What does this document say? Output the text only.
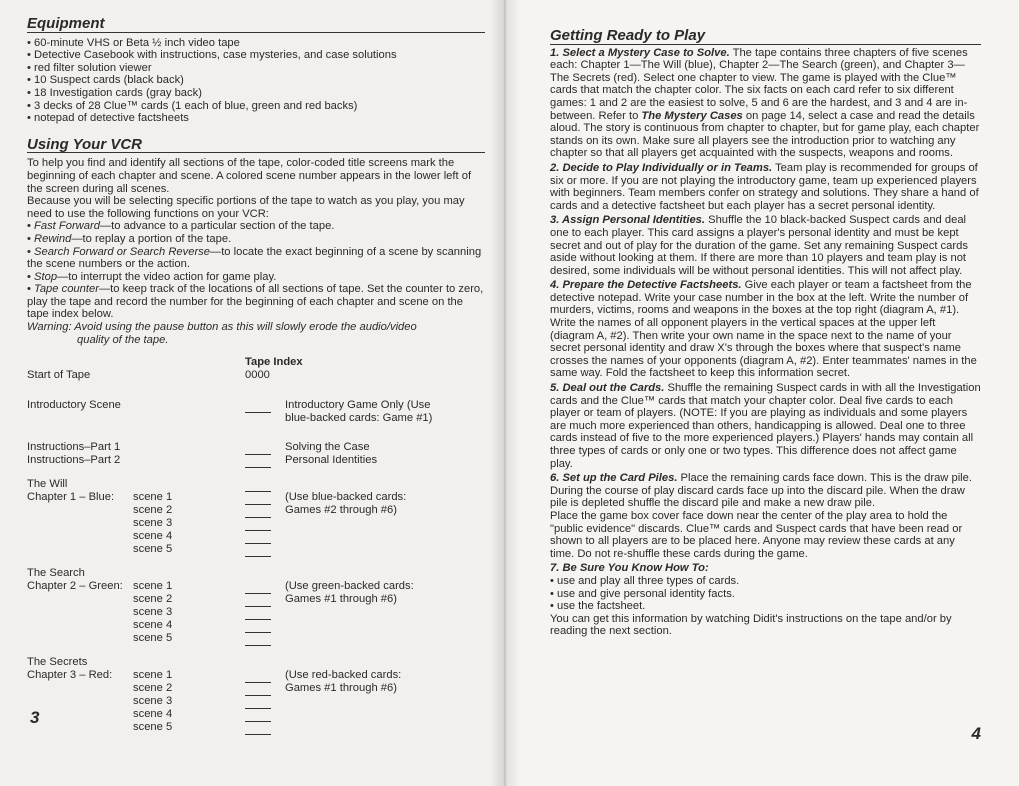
Equipment
• 60-minute VHS or Beta ½ inch video tape
• Detective Casebook with instructions, case mysteries, and case solutions
• red filter solution viewer
• 10 Suspect cards (black back)
• 18 Investigation cards (gray back)
• 3 decks of 28 Clue™ cards (1 each of blue, green and red backs)
• notepad of detective factsheets
Using Your VCR

To help you find and identify all sections of the tape, color-coded title screens mark the beginning of each chapter and scene. A colored scene number appears in the lower left of the screen during all scenes.

Because you will be selecting specific portions of the tape to watch as you play, you may need to use the following functions on your VCR:

• Fast Forward—to advance to a particular section of the tape.
• Rewind—to replay a portion of the tape.
• Search Forward or Search Reverse—to locate the exact beginning of a scene by scanning the scene numbers or the action.
• Stop—to interrupt the video action for game play.
• Tape counter—to keep track of the locations of all sections of tape. Set the counter to zero, play the tape and record the number for the beginning of each chapter and scene on the tape index below.

Warning: Avoid using the pause button as this will slowly erode the audio/video
quality of the tape.

Tape Index
Start of Tape	0000
Introductory Scene	Introductory Game Only (Use
blue-backed cards: Game #1)
Instructions–Part 1
Instructions–Part 2
Solving the Case
Personal Identities
The Will
Chapter 1 – Blue: scene 1
scene 2
scene 3
scene 4
scene 5
(Use blue-backed cards:
Games #2 through #6)
The Search
Chapter 2 – Green: scene 1
scene 2
scene 3
scene 4
scene 5
(Use green-backed cards:
Games #1 through #6)
The Secrets
Chapter 3 – Red: scene 1
scene 2
scene 3
scene 4
scene 5
(Use red-backed cards:
Games #1 through #6)
3
Getting Ready to Play

1. Select a Mystery Case to Solve. The tape contains three chapters of five scenes each: Chapter 1—The Will (blue), Chapter 2—The Search (green), and Chapter 3—The Secrets (red). Select one chapter to view. The game is played with the Clue™ cards that match the chapter color. The six facts on each card refer to six different games: 1 and 2 are the easiest to solve, 5 and 6 are the hardest, and 3 and 4 are in-between. Refer to The Mystery Cases on page 14, select a case and read the details aloud. The story is continuous from chapter to chapter, but for game play, each chapter stands on its own. Make sure all players see the introduction prior to watching any chapter so that all players get acquainted with the suspects, weapons and rooms.

2. Decide to Play Individually or in Teams. Team play is recommended for groups of six or more. If you are not playing the introductory game, team up experienced players with beginners. Team members confer on strategy and solutions. They share a hand of cards and a detective factsheet but each player has a secret personal identity.

3. Assign Personal Identities. Shuffle the 10 black-backed Suspect cards and deal one to each player. This card assigns a player's personal identity and must be kept secret and out of play for the duration of the game. Set any remaining Suspect cards aside without looking at them. If there are more than 10 players and team play is not desired, some individuals will be without personal identities. This will not affect play.

4. Prepare the Detective Factsheets. Give each player or team a factsheet from the detective notepad. Write your case number in the box at the left. Write the number of murders, victims, rooms and weapons in the boxes at the top right (diagram A, #1). Write the names of all opponent players in the vertical spaces at the upper left (diagram A, #2). Then write your own name in the space next to the name of your secret personal identity and draw X's through the boxes where that suspect's name crosses the names of your opponents (diagram A, #2). Enter teammates' names in the same way. Fold the factsheet to keep this information secret.

5. Deal out the Cards. Shuffle the remaining Suspect cards in with all the Investigation cards and the Clue™ cards that match your chapter color. Deal five cards to each player or team of players. (NOTE: If you are playing as individuals and some players are much more experienced than others, handicapping is allowed. Deal one to three cards instead of five to the more experienced players.) Players' hands may contain all three types of cards or only one or two types. This difference does not affect game play.

6. Set up the Card Piles. Place the remaining cards face down. This is the draw pile. During the course of play discard cards face up into the discard pile. When the draw pile is depleted shuffle the discard pile and make a new draw pile.

Place the game box cover face down near the center of the play area to hold the "public evidence" discards. Clue™ cards and Suspect cards that have been read or shown to all players are to be placed here. Anyone may review these cards at any time. Do not re-shuffle these cards during the game.

7. Be Sure You Know How To:

• use and play all three types of cards.
• use and give personal identity facts.
• use the factsheet.

You can get this information by watching Didit's instructions on the tape and/or by reading the next section.

4
